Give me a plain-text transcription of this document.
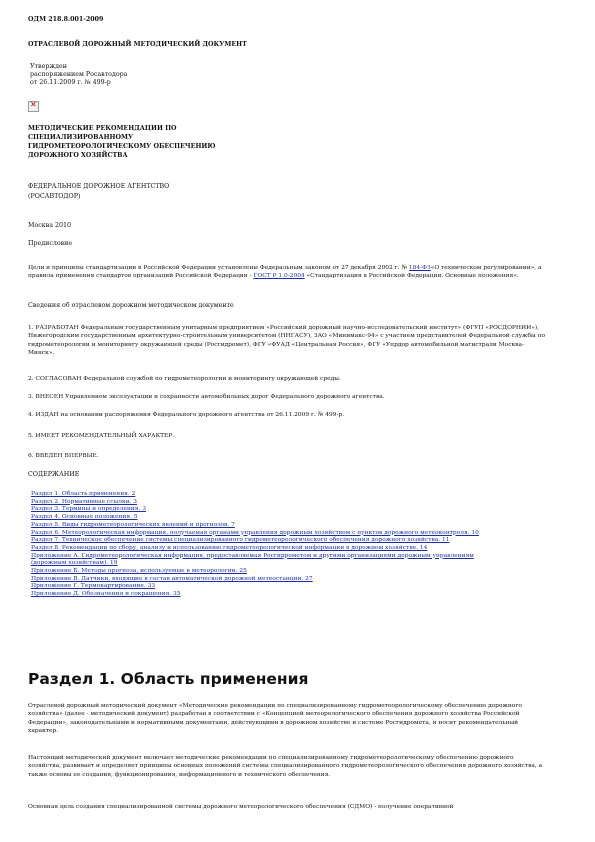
ОДМ 218.8.001-2009
ОТРАСЛЕВОЙ ДОРОЖНЫЙ МЕТОДИЧЕСКИЙ ДОКУМЕНТ
Утвержден
распоряжением Росавтодора
от 26.11.2009 г. № 499-р
✕
МЕТОДИЧЕСКИЕ РЕКОМЕНДАЦИИ ПО
СПЕЦИАЛИЗИРОВАННОМУ
ГИДРОМЕТЕОРОЛОГИЧЕСКОМУ ОБЕСПЕЧЕНИЮ
ДОРОЖНОГО ХОЗЯЙСТВА
ФЕДЕРАЛЬНОЕ ДОРОЖНОЕ АГЕНТСТВО
(РОСАВТОДОР)
Москва 2010
Предисловие
Цели и принципы стандартизации в Российской Федерации установлены Федеральным законом от 27 декабря 2002 г. № 184-ФЗ«О техническом регулировании», а правила применения стандартов организаций Российской Федерации - ГОСТ Р 1.0-2004 «Стандартизация в Российской Федерации. Основные положения».
Сведения об отраслевом дорожном методическом документе
1. РАЗРАБОТАН Федеральным государственным унитарным предприятием «Российский дорожный научно-исследовательский институт» (ФГУП «РОСДОРНИИ»), Нижегородским государственным архитектурно-строительным университетом (ННГАСУ), ЗАО «Минимакс-94» с участием представителей Федеральной службы по гидрометеорологии и мониторингу окружающей среды (Росгидромет), ФГУ «ФУАД «Центральная Россия», ФГУ «Упрдор автомобильной магистрали Москва-Минск».
2. СОГЛАСОВАН Федеральной службой по гидрометеорологии и мониторингу окружающей среды.
3. ВНЕСЕН Управлением эксплуатации и сохранности автомобильных дорог Федерального дорожного агентства.
4. ИЗДАН на основании распоряжения Федерального дорожного агентства от 26.11.2009 г. № 499-р.
5. ИМЕЕТ РЕКОМЕНДАТЕЛЬНЫЙ ХАРАКТЕР.
6. ВВЕДЕН ВПЕРВЫЕ.
СОДЕРЖАНИЕ
Раздел 1. Область применения. 2
Раздел 2. Нормативные ссылки. 3
Раздел 3. Термины и определения. 3
Раздел 4. Основные положения. 5
Раздел 5. Виды гидрометеорологических явлений и прогнозов. 7
Раздел 6. Метеорологическая информация, получаемая органами управления дорожным хозяйством с пунктов дорожного метеоконтроля. 10
Раздел 7. Техническое обеспечение системы специализированного гидрометеорологического обеспечения дорожного хозяйства. 11
Раздел 8. Рекомендации по сбору, анализу и использованию гидрометеорологической информации в дорожном хозяйстве. 14
Приложение А. Гидрометеорологическая информация, предоставляемая Росгидрометом и другими организациями дорожным управлениям (дорожным хозяйствам). 19
Приложение Б. Методы прогноза, используемые в метеорологии. 25
Приложение В. Датчики, входящие в состав автоматической дорожной метеостанции. 27
Приложение Г. Термокартирование. 33
Приложение Д. Обозначения и сокращения. 35
Раздел 1. Область применения
Отраслевой дорожный методический документ «Методические рекомендации по специализированному гидрометеорологическому обеспечению дорожного хозяйства» (далее - методический документ) разработан в соответствии с «Концепцией метеорологического обеспечения дорожного хозяйства Российской Федерации», законодательными и нормативными документами, действующими в дорожном хозяйстве и системе Росгидромета, и носит рекомендательный характер.
Настоящий методический документ включает методические рекомендации по специализированному гидрометеорологическому обеспечению дорожного хозяйства, развивает и определяет принципы основных положений системы специализированного гидрометеорологического обеспечения дорожного хозяйства, а также основы ее создания, функционирования, информационного и технического обеспечения.
Основная цель создания специализированной системы дорожного метеорологического обеспечения (СДМО) - получение оперативной
